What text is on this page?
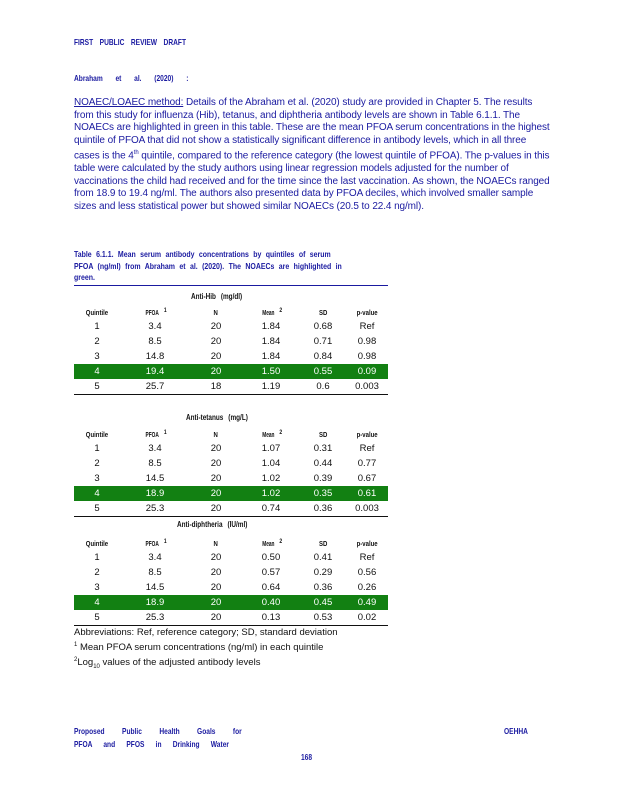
FIRST PUBLIC REVIEW DRAFT
Abraham et al. (2020) :
NOAEC/LOAEC method: Details of the Abraham et al. (2020) study are provided in Chapter 5. The results from this study for influenza (Hib), tetanus, and diphtheria antibody levels are shown in Table 6.1.1. The NOAECs are highlighted in green in this table. These are the mean PFOA serum concentrations in the highest quintile of PFOA that did not show a statistically significant difference in antibody levels, which in all three cases is the 4th quintile, compared to the reference category (the lowest quintile of PFOA). The p-values in this table were calculated by the study authors using linear regression models adjusted for the number of vaccinations the child had received and for the time since the last vaccination. As shown, the NOAECs ranged from 18.9 to 19.4 ng/ml. The authors also presented data by PFOA deciles, which involved smaller sample sizes and less statistical power but showed similar NOAECs (20.5 to 22.4 ng/ml).
Table 6.1.1. Mean serum antibody concentrations by quintiles of serum PFOA (ng/ml) from Abraham et al. (2020). The NOAECs are highlighted in green.
Anti-Hib (mg/dl)
Quintile	PFOA $^1$	N	Mean $^2$	SD	p-value
1	3.4	20	1.84	0.68	Ref
2	8.5	20	1.84	0.71	0.98
3	14.8	20	1.84	0.84	0.98
4	19.4	20	1.50	0.55	0.09
5	25.7	18	1.19	0.6	0.003
Anti-tetanus (mg/L)
Quintile	PFOA $^1$	N	Mean $^2$	SD	p-value
1	3.4	20	1.07	0.31	Ref
2	8.5	20	1.04	0.44	0.77
3	14.5	20	1.02	0.39	0.67
4	18.9	20	1.02	0.35	0.61
5	25.3	20	0.74	0.36	0.003
Anti-diphtheria (IU/ml)
Quintile	PFOA $^1$	N	Mean $^2$	SD	p-value
1	3.4	20	0.50	0.41	Ref
2	8.5	20	0.57	0.29	0.56
3	14.5	20	0.64	0.36	0.26
4	18.9	20	0.40	0.45	0.49
5	25.3	20	0.13	0.53	0.02
Abbreviations: Ref, reference category; SD, standard deviation
$^1$ Mean PFOA serum concentrations (ng/ml) in each quintile
$^2$Log$_{10}$ values of the adjusted antibody levels
Proposed Public Health Goals for
PFOA and PFOS in Drinking Water
OEHHA
168
